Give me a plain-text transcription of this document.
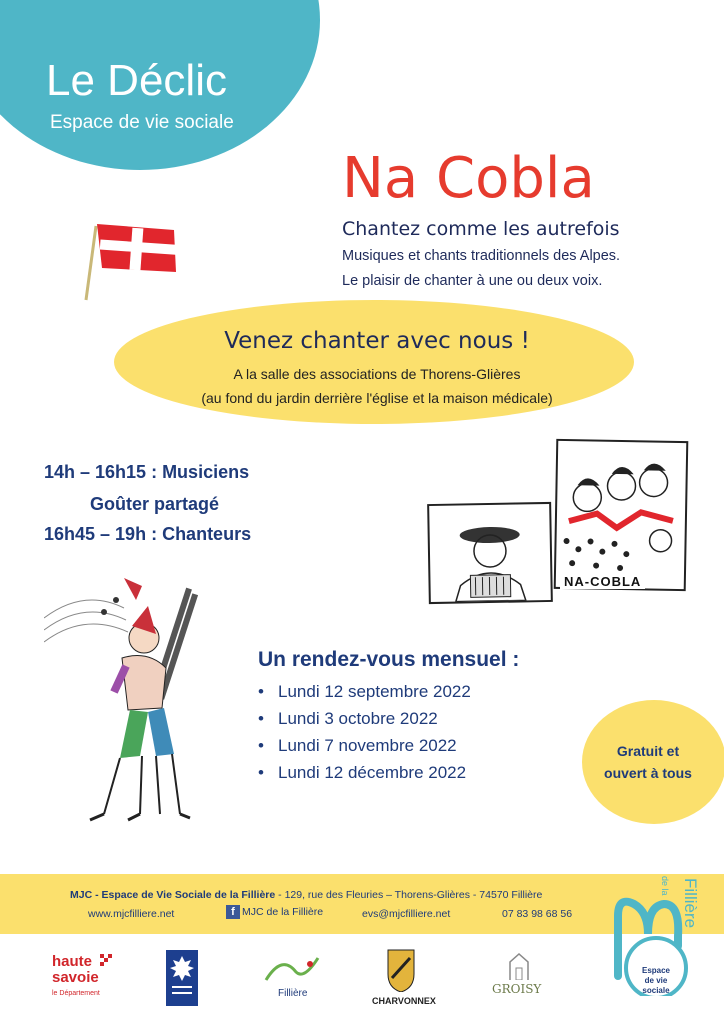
Le Déclic
Espace de vie sociale
Na Cobla
Chantez comme les autrefois
Musiques et chants traditionnels des Alpes.
Le plaisir de chanter à une ou deux voix.
Venez chanter avec nous !
A la salle des associations de Thorens-Glières
(au fond du jardin derrière l'église et la maison médicale)
14h – 16h15 : Musiciens
Goûter partagé
16h45 – 19h : Chanteurs
NA-COBLA
Un rendez-vous mensuel :
• Lundi 12 septembre 2022
• Lundi 3 octobre 2022
• Lundi 7 novembre 2022
• Lundi 12 décembre 2022
Gratuit et
ouvert à tous
MJC - Espace de Vie Sociale de la Fillière - 129, rue des Fleuries – Thorens-Glières - 74570 Fillière
www.mjcfilliere.net	f MJC de la Fillière	evs@mjcfilliere.net	07 83 98 68 56
de la Fillière
Espace
de vie
sociale
haute
savoie
le Département	Fillière
CHARVONNEX
GROISY
